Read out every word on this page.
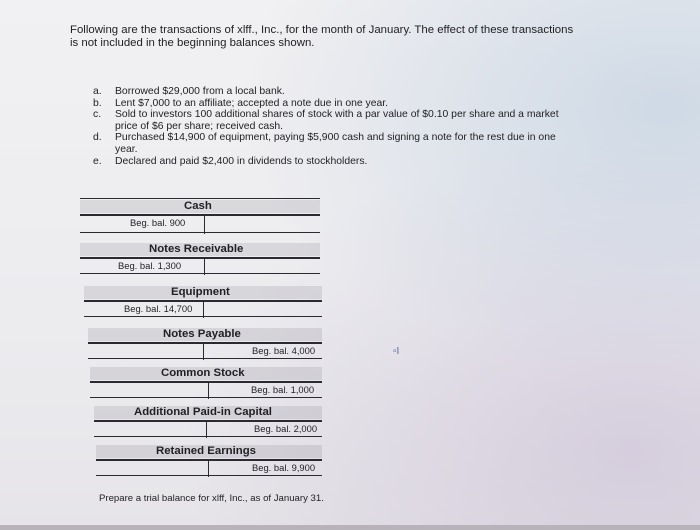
Following are the transactions of xlff., Inc., for the month of January. The effect of these transactions
is not included in the beginning balances shown.
a.	Borrowed $29,000 from a local bank.
b.	Lent $7,000 to an affiliate; accepted a note due in one year.
c.	Sold to investors 100 additional shares of stock with a par value of $0.10 per share and a market price of $6 per share; received cash.
d.	Purchased $14,900 of equipment, paying $5,900 cash and signing a note for the rest due in one year.
e.	Declared and paid $2,400 in dividends to stockholders.
Cash
Beg. bal. 900
Notes Receivable
Beg. bal. 1,300
Equipment
Beg. bal. 14,700
Notes Payable
Beg. bal. 4,000
Common Stock
Beg. bal. 1,000
Additional Paid-in Capital
Beg. bal. 2,000
Retained Earnings
Beg. bal. 9,900
▫I
Prepare a trial balance for xlff, Inc., as of January 31.
